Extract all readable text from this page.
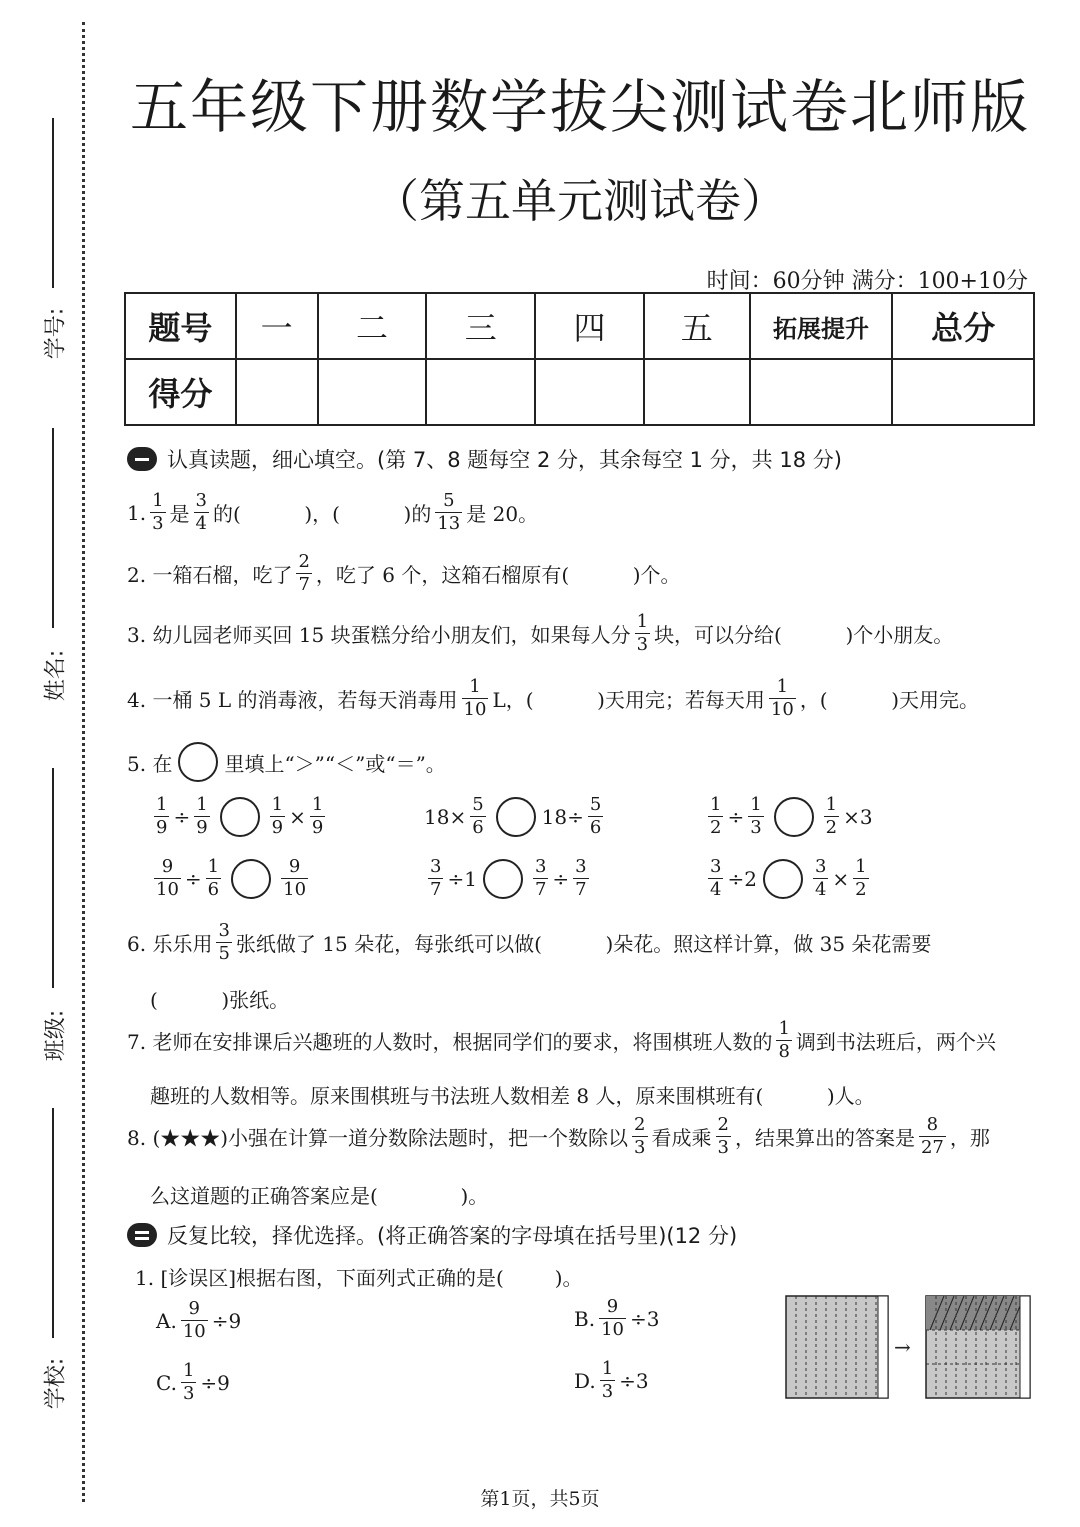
学号:
姓名:
班级:
学校:
五年级下册数学拔尖测试卷北师版
（第五单元测试卷）
时间：60分钟 满分：100+10分
题号	一	二	三	四	五	拓展提升	总分
得分							
认真读题，细心填空。(第 7、8 题每空 2 分，其余每空 1 分，共 18 分)
1. $\frac{1}{3}$ 是 $\frac{3}{4}$ 的(          )，(          )的 $\frac{5}{13}$ 是 20。
2. 一箱石榴，吃了 $\frac{2}{7}$ ，吃了 6 个，这箱石榴原有(          )个。
3. 幼儿园老师买回 15 块蛋糕分给小朋友们，如果每人分 $\frac{1}{3}$ 块，可以分给(          )个小朋友。
4. 一桶 5 L 的消毒液，若每天消毒用 $\frac{1}{10}$ L，(          )天用完；若每天用 $\frac{1}{10}$ ，(          )天用完。
5. 在	里填上“＞”“＜”或“＝”。
$\frac{1}{9} \div \frac{1}{9}$	$\frac{1}{9} \times \frac{1}{9}$	$18\times \frac{5}{6}$	$18\div \frac{5}{6}$	$\frac{1}{2} \div \frac{1}{3}$	$\frac{1}{2} \times 3$
$\frac{9}{10} \div \frac{1}{6}$	$\frac{9}{10}$	$\frac{3}{7} \div 1$	$\frac{3}{7} \div \frac{3}{7}$	$\frac{3}{4} \div 2$	$\frac{3}{4} \times \frac{1}{2}$
6. 乐乐用 $\frac{3}{5}$ 张纸做了 15 朵花，每张纸可以做(          )朵花。照这样计算，做 35 朵花需要
(          )张纸。
7. 老师在安排课后兴趣班的人数时，根据同学们的要求，将围棋班人数的 $\frac{1}{8}$ 调到书法班后，两个兴
趣班的人数相等。原来围棋班与书法班人数相差 8 人，原来围棋班有(          )人。
8. (★★★)小强在计算一道分数除法题时，把一个数除以 $\frac{2}{3}$ 看成乘 $\frac{2}{3}$ ，结果算出的答案是 $\frac{8}{27}$ ，那
么这道题的正确答案应是(             )。
反复比较，择优选择。(将正确答案的字母填在括号里)(12 分)
1. [诊误区]根据右图，下面列式正确的是(        )。
A. $\frac{9}{10} \div 9$	B. $\frac{9}{10} \div 3$
C. $\frac{1}{3} \div 9$	D. $\frac{1}{3} \div 3$
→
第1页，共5页
